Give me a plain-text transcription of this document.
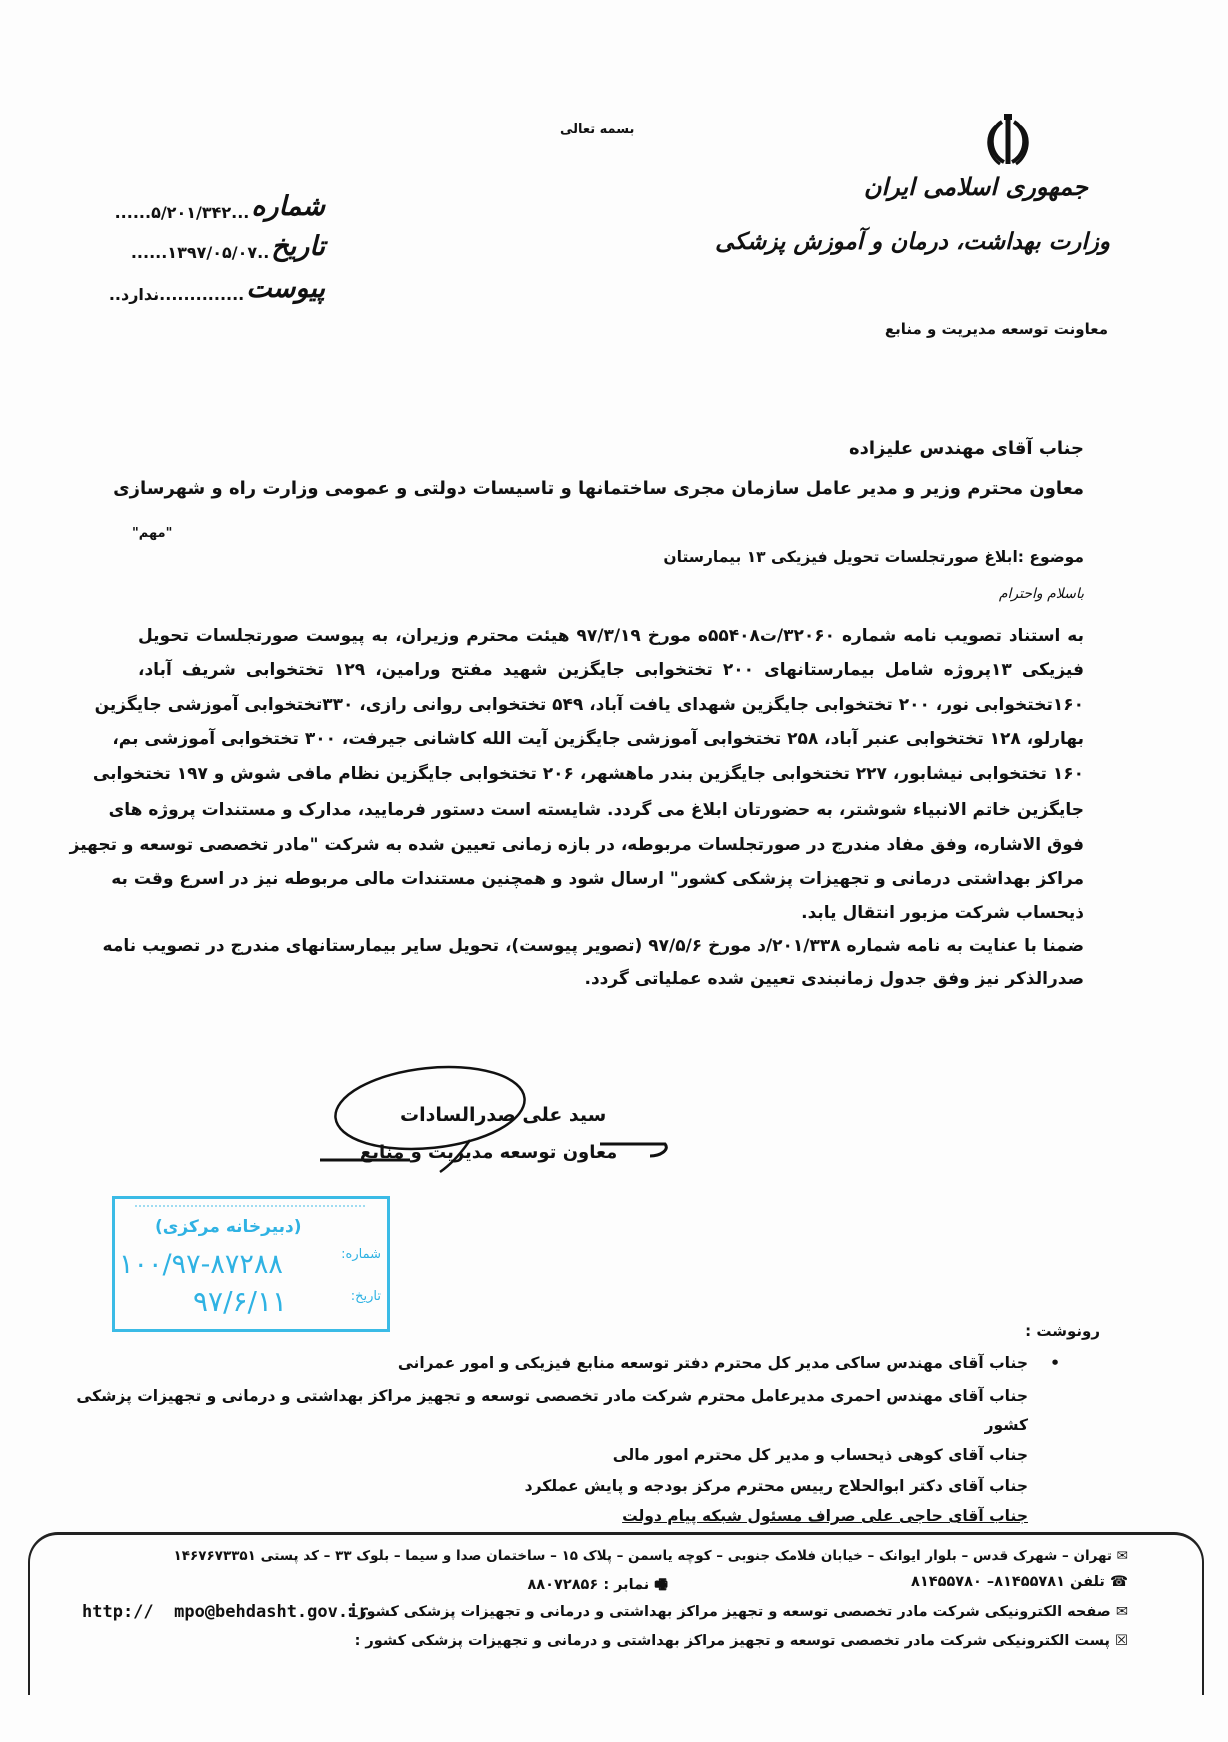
بسمه تعالی
جمهوری اسلامی ایران
وزارت بهداشت، درمان و آموزش پزشکی
معاونت توسعه مدیریت و منابع
شماره
...۵/۲۰۱/۳۴۲......
تاریخ
..۱۳۹۷/۰۵/۰۷......
پیوست
..............ندارد..
جناب آقای مهندس علیزاده
معاون محترم وزیر و مدیر عامل سازمان مجری ساختمانها و تاسیسات دولتی و عمومی وزارت راه و شهرسازی
"مهم"
موضوع :ابلاغ صورتجلسات تحویل فیزیکی ۱۳ بیمارستان
باسلام واحترام
به استناد تصویب نامه شماره ۳۲۰۶۰/ت۵۵۴۰۸ه مورخ ۹۷/۳/۱۹ هیئت محترم وزیران، به پیوست صورتجلسات تحویل
فیزیکی ۱۳پروژه شامل بیمارستانهای ۲۰۰ تختخوابی جایگزین شهید مفتح ورامین، ۱۲۹ تختخوابی شریف آباد،
۱۶۰تختخوابی نور، ۲۰۰ تختخوابی جایگزین شهدای یافت آباد، ۵۴۹ تختخوابی روانی رازی، ۳۳۰تختخوابی آموزشی جایگزین
بهارلو، ۱۲۸ تختخوابی عنبر آباد، ۲۵۸ تختخوابی آموزشی جایگزین آیت الله کاشانی جیرفت، ۳۰۰ تختخوابی آموزشی بم،
۱۶۰ تختخوابی نیشابور، ۲۲۷ تختخوابی جایگزین بندر ماهشهر، ۲۰۶ تختخوابی جایگزین نظام مافی شوش و ۱۹۷ تختخوابی
جایگزین خاتم الانبیاء شوشتر، به حضورتان ابلاغ می گردد. شایسته است دستور فرمایید، مدارک و مستندات پروژه های
فوق الاشاره، وفق مفاد مندرج در صورتجلسات مربوطه، در بازه زمانی تعیین شده به شرکت "مادر تخصصی توسعه و تجهیز
مراکز بهداشتی درمانی و تجهیزات پزشکی کشور" ارسال شود و همچنین مستندات مالی مربوطه نیز در اسرع وقت به
ذیحساب شرکت مزبور انتقال یابد.
ضمنا با عنایت به نامه شماره ۲۰۱/۳۳۸/د مورخ ۹۷/۵/۶ (تصویر پیوست)، تحویل سایر بیمارستانهای مندرج در تصویب نامه
صدرالذکر نیز وفق جدول زمانبندی تعیین شده عملیاتی گردد.
سید علی صدرالسادات
معاون توسعه مدیریت و منابع
(دبیرخانه مرکزی)
شماره:
۱۰۰/۹۷-۸۷۲۸۸
تاریخ:
۹۷/۶/۱۱
رونوشت :
جناب آقای مهندس ساکی مدیر کل محترم دفتر توسعه منابع فیزیکی و امور عمرانی •
جناب آقای مهندس احمری مدیرعامل محترم شرکت مادر تخصصی توسعه و تجهیز مراکز بهداشتی و درمانی و تجهیزات پزشکی
کشور
جناب آقای کوهی ذیحساب و مدیر کل محترم امور مالی
جناب آقای دکتر ابوالحلاج رییس محترم مرکز بودجه و پایش عملکرد
جناب آقای حاجی علی صراف مسئول شبکه پیام دولت
✉ تهران – شهرک قدس – بلوار ایوانک – خیابان فلامک جنوبی – کوچه یاسمن – پلاک ۱۵ – ساختمان صدا و سیما – بلوک ۳۳ – کد پستی ۱۴۶۷۶۷۳۳۵۱
☎ تلفن ۸۱۴۵۵۷۸۱– ۸۱۴۵۵۷۸۰
🖷 نمابر : ۸۸۰۷۲۸۵۶
✉ صفحه الکترونیکی شرکت مادر تخصصی توسعه و تجهیز مراکز بهداشتی و درمانی و تجهیزات پزشکی کشور :
http://  mpo@behdasht.gov.ir
☒ پست الکترونیکی شرکت مادر تخصصی توسعه و تجهیز مراکز بهداشتی و درمانی و تجهیزات پزشکی کشور :
